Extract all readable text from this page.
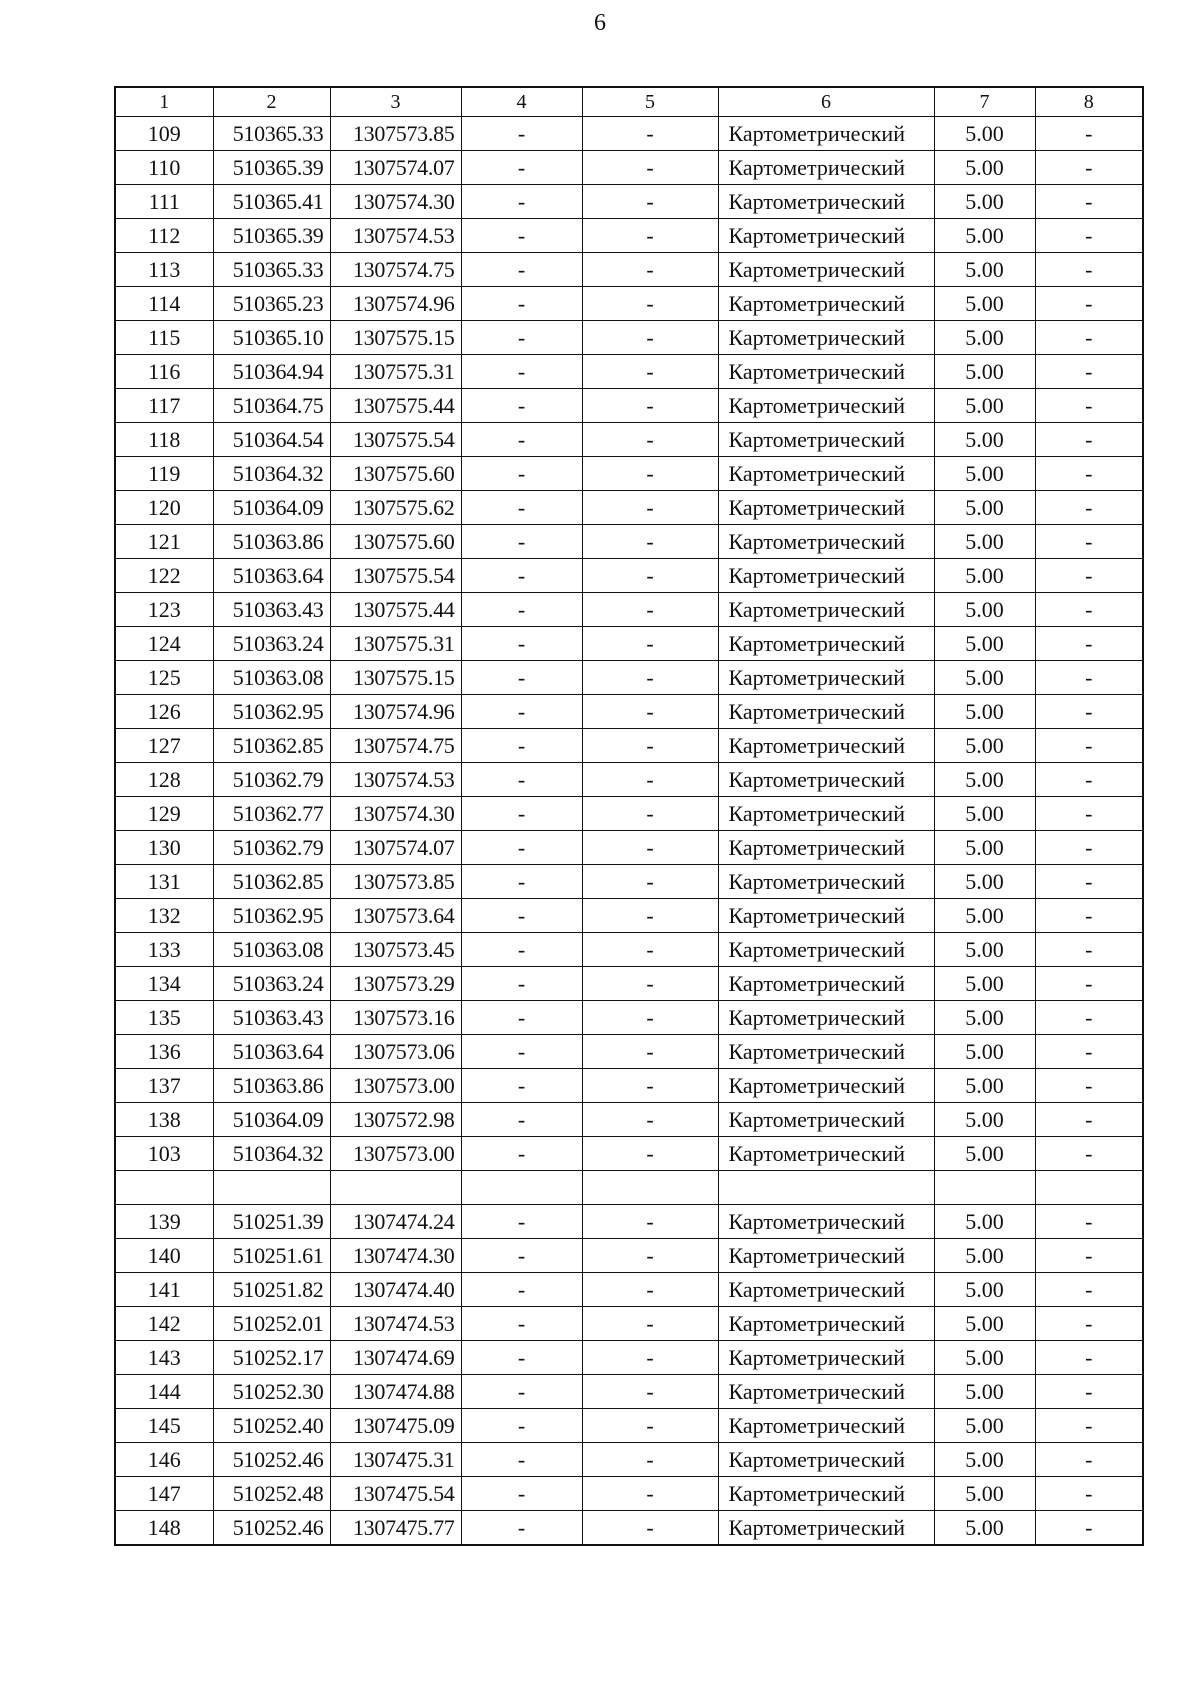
6
1	2	3	4	5	6	7	8
109	510365.33	1307573.85	-	-	Картометрический	5.00	-
110	510365.39	1307574.07	-	-	Картометрический	5.00	-
111	510365.41	1307574.30	-	-	Картометрический	5.00	-
112	510365.39	1307574.53	-	-	Картометрический	5.00	-
113	510365.33	1307574.75	-	-	Картометрический	5.00	-
114	510365.23	1307574.96	-	-	Картометрический	5.00	-
115	510365.10	1307575.15	-	-	Картометрический	5.00	-
116	510364.94	1307575.31	-	-	Картометрический	5.00	-
117	510364.75	1307575.44	-	-	Картометрический	5.00	-
118	510364.54	1307575.54	-	-	Картометрический	5.00	-
119	510364.32	1307575.60	-	-	Картометрический	5.00	-
120	510364.09	1307575.62	-	-	Картометрический	5.00	-
121	510363.86	1307575.60	-	-	Картометрический	5.00	-
122	510363.64	1307575.54	-	-	Картометрический	5.00	-
123	510363.43	1307575.44	-	-	Картометрический	5.00	-
124	510363.24	1307575.31	-	-	Картометрический	5.00	-
125	510363.08	1307575.15	-	-	Картометрический	5.00	-
126	510362.95	1307574.96	-	-	Картометрический	5.00	-
127	510362.85	1307574.75	-	-	Картометрический	5.00	-
128	510362.79	1307574.53	-	-	Картометрический	5.00	-
129	510362.77	1307574.30	-	-	Картометрический	5.00	-
130	510362.79	1307574.07	-	-	Картометрический	5.00	-
131	510362.85	1307573.85	-	-	Картометрический	5.00	-
132	510362.95	1307573.64	-	-	Картометрический	5.00	-
133	510363.08	1307573.45	-	-	Картометрический	5.00	-
134	510363.24	1307573.29	-	-	Картометрический	5.00	-
135	510363.43	1307573.16	-	-	Картометрический	5.00	-
136	510363.64	1307573.06	-	-	Картометрический	5.00	-
137	510363.86	1307573.00	-	-	Картометрический	5.00	-
138	510364.09	1307572.98	-	-	Картометрический	5.00	-
103	510364.32	1307573.00	-	-	Картометрический	5.00	-

139	510251.39	1307474.24	-	-	Картометрический	5.00	-
140	510251.61	1307474.30	-	-	Картометрический	5.00	-
141	510251.82	1307474.40	-	-	Картометрический	5.00	-
142	510252.01	1307474.53	-	-	Картометрический	5.00	-
143	510252.17	1307474.69	-	-	Картометрический	5.00	-
144	510252.30	1307474.88	-	-	Картометрический	5.00	-
145	510252.40	1307475.09	-	-	Картометрический	5.00	-
146	510252.46	1307475.31	-	-	Картометрический	5.00	-
147	510252.48	1307475.54	-	-	Картометрический	5.00	-
148	510252.46	1307475.77	-	-	Картометрический	5.00	-
